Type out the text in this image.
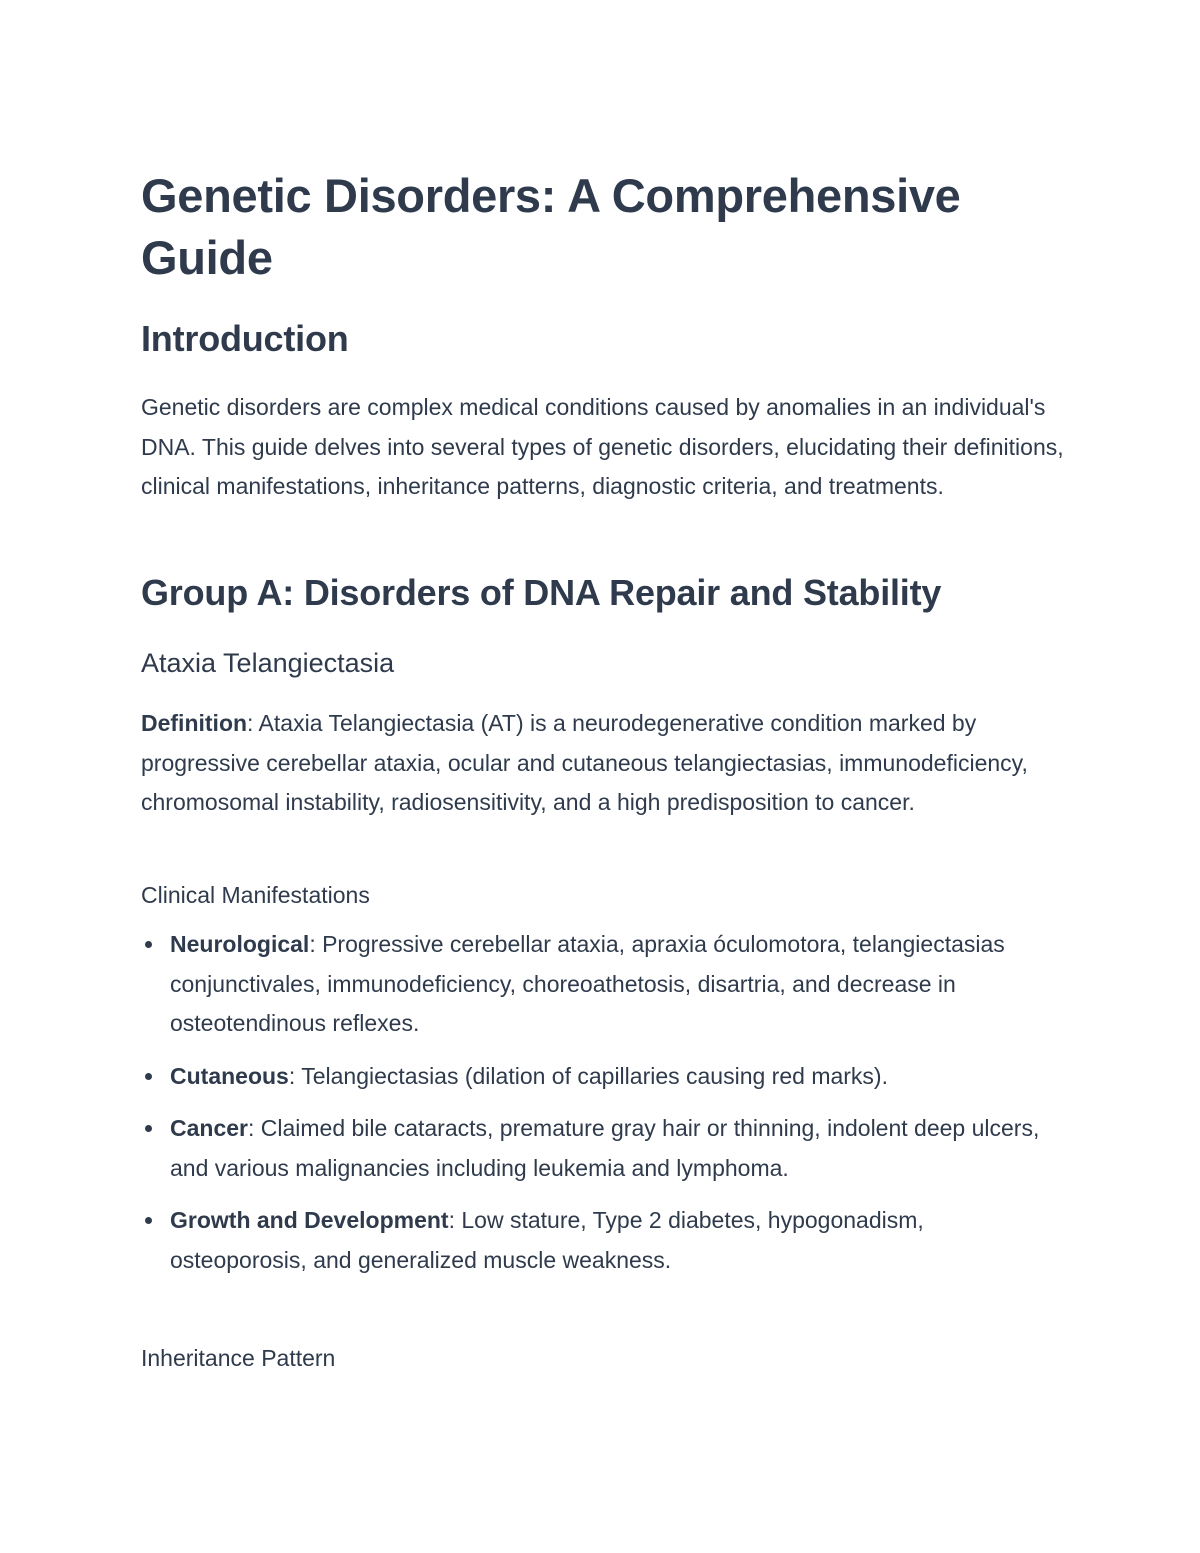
Genetic Disorders: A Comprehensive Guide
Introduction

Genetic disorders are complex medical conditions caused by anomalies in an individual's DNA. This guide delves into several types of genetic disorders, elucidating their definitions, clinical manifestations, inheritance patterns, diagnostic criteria, and treatments.

Group A: Disorders of DNA Repair and Stability
Ataxia Telangiectasia

Definition: Ataxia Telangiectasia (AT) is a neurodegenerative condition marked by progressive cerebellar ataxia, ocular and cutaneous telangiectasias, immunodeficiency, chromosomal instability, radiosensitivity, and a high predisposition to cancer.

Clinical Manifestations
Neurological: Progressive cerebellar ataxia, apraxia óculomotora, telangiectasias conjunctivales, immunodeficiency, choreoathetosis, disartria, and decrease in osteotendinous reflexes.
Cutaneous: Telangiectasias (dilation of capillaries causing red marks).
Cancer: Claimed bile cataracts, premature gray hair or thinning, indolent deep ulcers, and various malignancies including leukemia and lymphoma.
Growth and Development: Low stature, Type 2 diabetes, hypogonadism, osteoporosis, and generalized muscle weakness.
Inheritance Pattern
